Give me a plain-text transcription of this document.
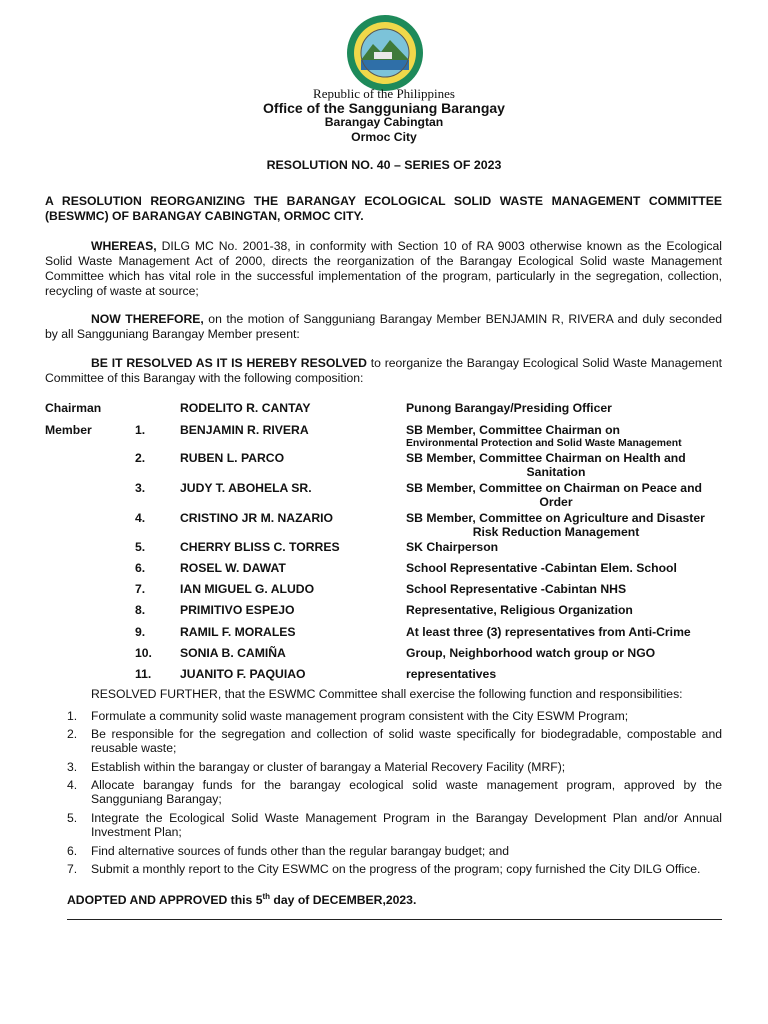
Republic of the Philippines
Office of the Sangguniang Barangay
Barangay Cabingtan
Ormoc City
RESOLUTION NO. 40 – SERIES OF 2023
A RESOLUTION REORGANIZING THE BARANGAY ECOLOGICAL SOLID WASTE MANAGEMENT COMMITTEE (BESWMC) OF BARANGAY CABINGTAN, ORMOC CITY.
WHEREAS, DILG MC No. 2001-38, in conformity with Section 10 of RA 9003 otherwise known as the Ecological Solid Waste Management Act of 2000, directs the reorganization of the Barangay Ecological Solid waste Management Committee which has vital role in the successful implementation of the program, particularly in the segregation, collection, recycling of waste at source;
NOW THEREFORE, on the motion of Sangguniang Barangay Member BENJAMIN R, RIVERA and duly seconded by all Sangguniang Barangay Member present:
BE IT RESOLVED AS IT IS HEREBY RESOLVED to reorganize the Barangay Ecological Solid Waste Management Committee of this Barangay with the following composition:
Chairman	RODELITO R. CANTAY	Punong Barangay/Presiding Officer
Member	1.	BENJAMIN R. RIVERA	SB Member, Committee Chairman on
Environmental Protection and Solid Waste Management
2.	RUBEN L. PARCO	SB Member, Committee Chairman on Health and
Sanitation
3.	JUDY T. ABOHELA SR.	SB Member, Committee on Chairman on Peace and
Order
4.	CRISTINO JR M. NAZARIO	SB Member, Committee on Agriculture and Disaster
Risk Reduction Management
5.	CHERRY BLISS C. TORRES	SK Chairperson
6.	ROSEL W. DAWAT	School Representative -Cabintan Elem. School
7.	IAN MIGUEL G. ALUDO	School Representative -Cabintan NHS
8.	PRIMITIVO ESPEJO	Representative, Religious Organization
9.	RAMIL F. MORALES	At least three (3) representatives from Anti-Crime
10. SONIA B. CAMIÑA	Group, Neighborhood watch group or NGO
11. JUANITO F. PAQUIAO	representatives
RESOLVED FURTHER, that the ESWMC Committee shall exercise the following function and responsibilities:
1. Formulate a community solid waste management program consistent with the City ESWM Program;
2. Be responsible for the segregation and collection of solid waste specifically for biodegradable, compostable and reusable waste;
3. Establish within the barangay or cluster of barangay a Material Recovery Facility (MRF);
4. Allocate barangay funds for the barangay ecological solid waste management program, approved by the Sangguniang Barangay;
5. Integrate the Ecological Solid Waste Management Program in the Barangay Development Plan and/or Annual Investment Plan;
6. Find alternative sources of funds other than the regular barangay budget; and
7. Submit a monthly report to the City ESWMC on the progress of the program; copy furnished the City DILG Office.
ADOPTED AND APPROVED this 5th day of DECEMBER,2023.
